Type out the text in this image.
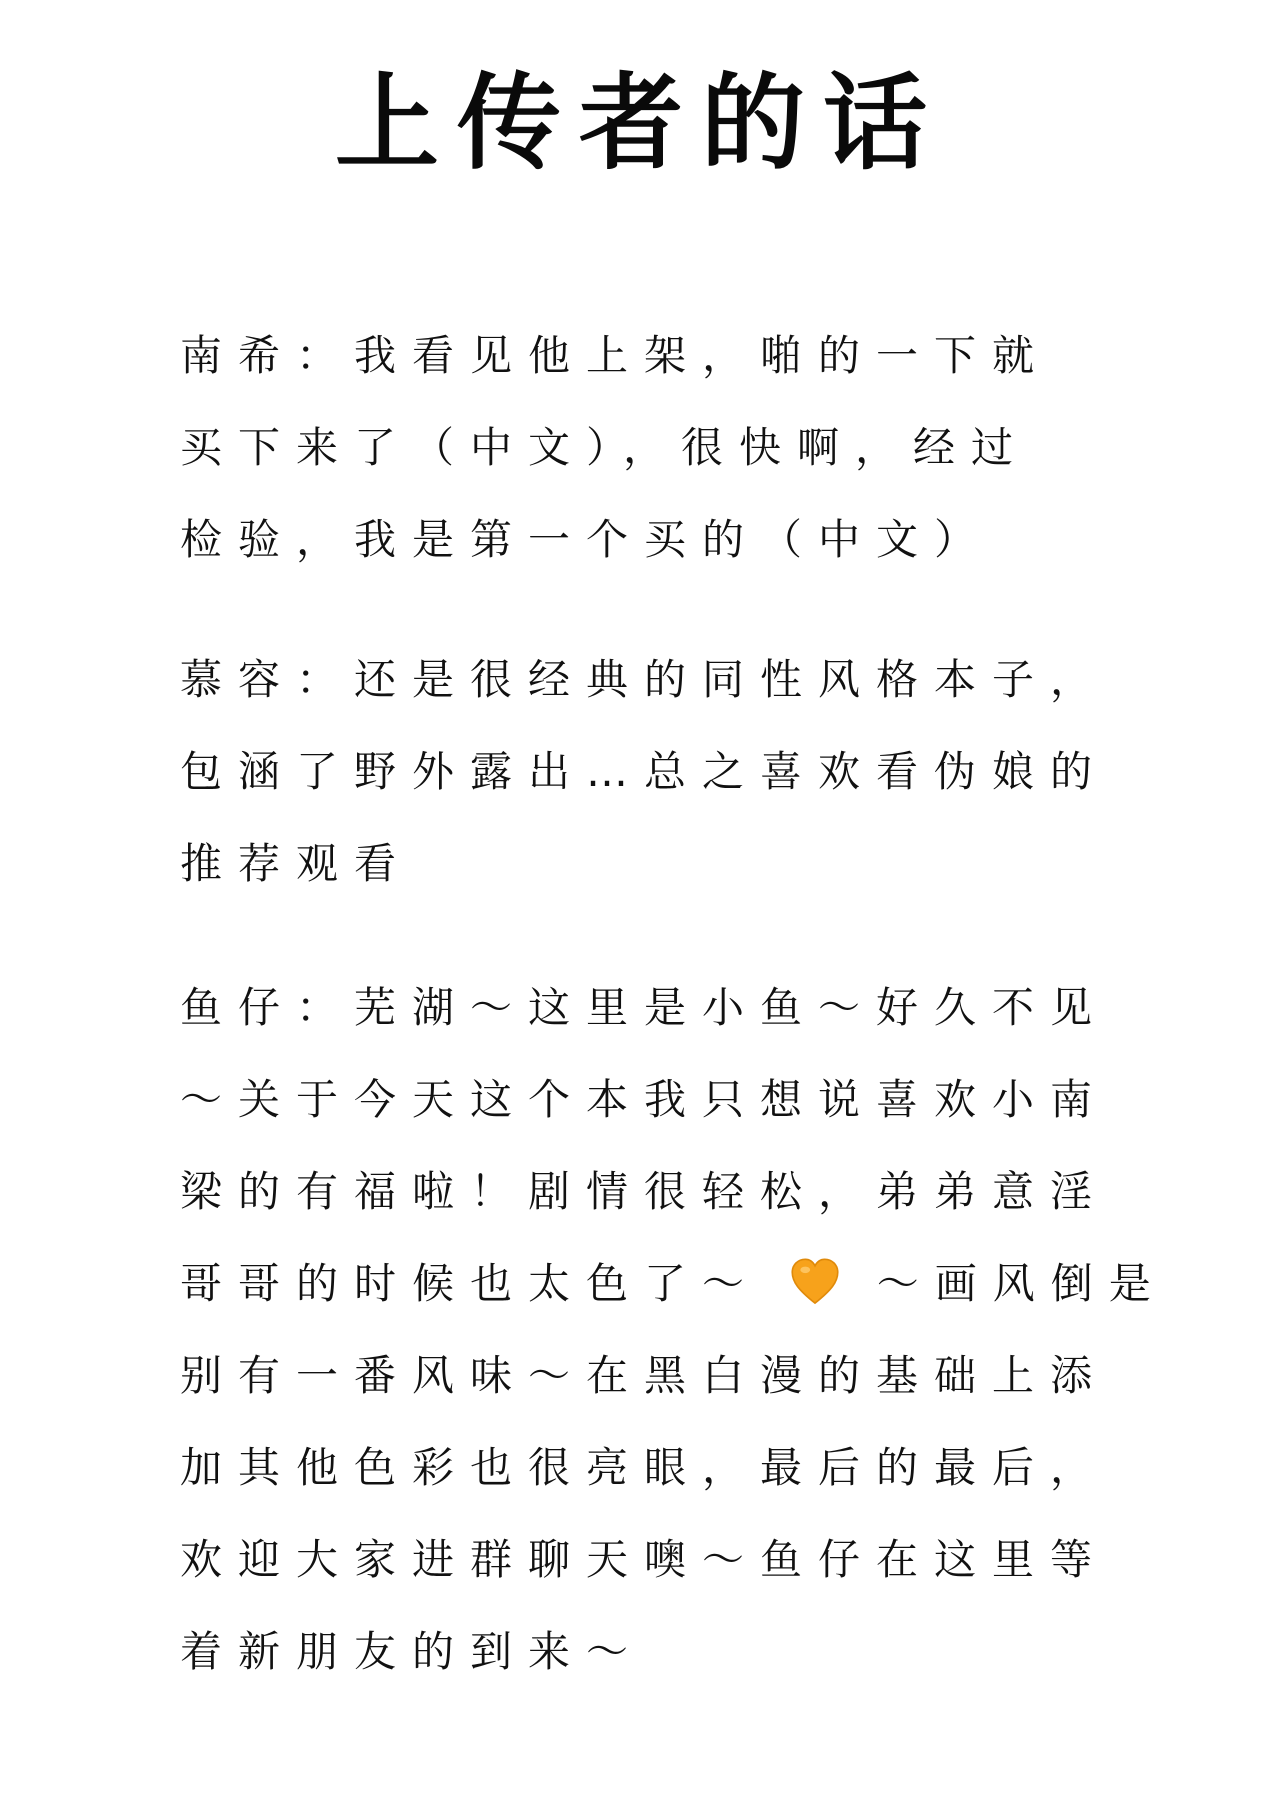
上传者的话
南希：我看见他上架，啪的一下就
买下来了（中文），很快啊，经过
检验，我是第一个买的（中文）
慕容：还是很经典的同性风格本子，
包涵了野外露出…总之喜欢看伪娘的
推荐观看
鱼仔：芜湖～这里是小鱼～好久不见
～关于今天这个本我只想说喜欢小南
梁的有福啦！剧情很轻松，弟弟意淫
哥哥的时候也太色了～	～画风倒是
别有一番风味～在黑白漫的基础上添
加其他色彩也很亮眼，最后的最后，
欢迎大家进群聊天噢～鱼仔在这里等
着新朋友的到来～
